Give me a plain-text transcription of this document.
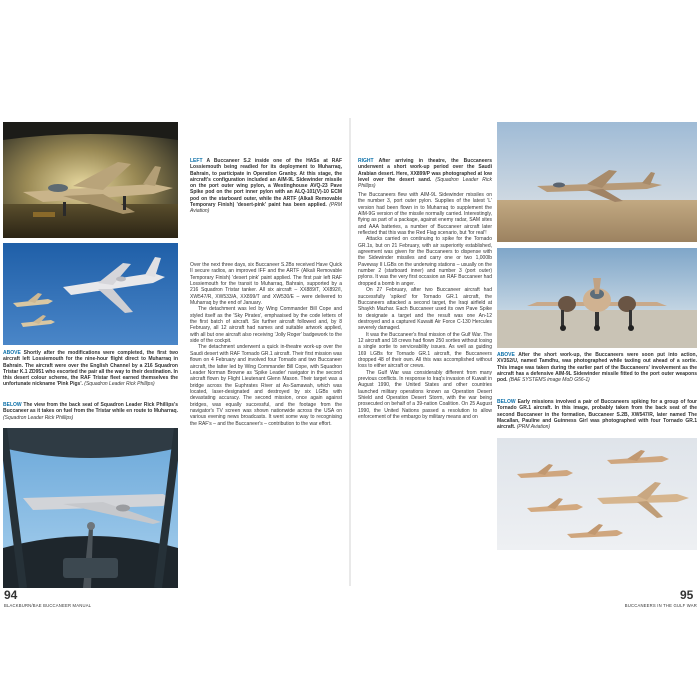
ABOVE Shortly after the modifications were completed, the first two aircraft left Lossiemouth for the nine-hour flight direct to Muharraq in Bahrain. The aircraft were over the English Channel by a 216 Squadron Tristar K.1 ZD951 who escorted the pair all the way to their destination. In this desert colour scheme, the RAF Tristar fleet earned themselves the unfortunate nickname 'Pink Pigs'. (Squadron Leader Rick Phillips)
BELOW The view from the back seat of Squadron Leader Rick Phillips's Buccaneer as it takes on fuel from the Tristar while en route to Muharraq. (Squadron Leader Rick Phillips)
LEFT A Buccaneer S.2 inside one of the HASs at RAF Lossiemouth being readied for its deployment to Muharraq, Bahrain, to participate in Operation Granby. At this stage, the aircraft's configuration included an AIM-9L Sidewinder missile on the port outer wing pylon, a Westinghouse AVQ-23 Pave Spike pod on the port inner pylon with an ALQ-101(V)-10 ECM pod on the starboard outer, while the ARTF (Alkali Removable Temporary Finish) 'desert-pink' paint has been applied. (PRM Aviation)

Over the next three days, six Buccaneer S.2Bs received Have Quick II secure radios, an improved IFF and the ARTF (Alkali Removable Temporary Finish) 'desert pink' paint applied. The first pair left RAF Lossiemouth for the transit to Muharraq, Bahrain, supported by a 216 Squadron Tristar tanker. All six aircraft – XX889/T, XX892/I, XW547/R, XW533/A, XX899/T and XW530/E – were delivered to Muharraq by the end of January.

The detachment was led by Wing Commander Bill Cope and styled itself as the 'Sky Pirates', emphasised by the code letters of the first batch of aircraft. Six further aircraft followed and, by 8 February, all 12 aircraft had names and suitable artwork applied, with all but one aircraft also receiving 'Jolly Roger' badgework to the side of the cockpit.

The detachment underwent a quick in-theatre work-up over the Saudi desert with RAF Tornado GR.1 aircraft. Their first mission was flown on 4 February and involved four Tornado and two Buccaneer aircraft, the latter led by Wing Commander Bill Cope, with Squadron Leader Norman Browne as 'Spike Leader' navigator in the second aircraft flown by Flight Lieutenant Glenn Mason. Their target was a bridge across the Euphrates River at As-Samawah, which was located, laser-designated and destroyed by six LGBs with devastating accuracy. The second mission, once again against bridges, was equally successful, and the footage from the navigator's TV screen was shown nationwide across the USA on various evening news broadcasts. It went some way to recognising the RAF's – and the Buccaneer's – contribution to the war effort.

94
BLACKBURN/BAE BUCCANEER MANUAL
RIGHT After arriving in theatre, the Buccaneers underwent a short work-up period over the Saudi Arabian desert. Here, XX899/P was photographed at low level over the desert sand. (Squadron Leader Rick Phillips)

The Buccaneers flew with AIM-9L Sidewinder missiles on the number 3, port outer pylon. Supplies of the latest 'L' version had been flown in to Muharraq to supplement the AIM-9G version of the missile normally carried. Interestingly, flying as part of a package, against enemy radar, SAM sites and AAA batteries, a number of Buccaneer aircraft later reflected that this was the Red Flag scenario, but 'for real'!

Attacks carried on continuing to spike for the Tornado GR.1s, but on 21 February, with air superiority established, agreement was given for the Buccaneers to dispense with the Sidewinder missiles and carry one or two 1,000lb Paveway II LGBs on the underwing stations – usually on the number 2 (starboard inner) and number 3 (port outer) pylons. It was the very first occasion an RAF Buccaneer had dropped a bomb in anger.

On 27 February, after two Buccaneer aircraft had successfully 'spiked' for Tornado GR.1 aircraft, the Buccaneers attacked a second target, the Iraqi airfield at Shaykh Mazhar. Each Buccaneer used its own Pave Spike to designate a target and the result was one An-12 destroyed and a captured Kuwaiti Air Force C-130 Hercules severely damaged.

It was the Buccaneer's final mission of the Gulf War. The 12 aircraft and 18 crews had flown 250 sorties without losing a single sortie to serviceability issues. As well as guiding 169 LGBs for Tornado GR.1 aircraft, the Buccaneers dropped 48 of their own. All this was accomplished without loss to either aircraft or crews.

The Gulf War was considerably different from many previous conflicts. In response to Iraq's invasion of Kuwait in August 1990, the United States and other countries launched military operations known as Operation Desert Shield and Operation Desert Storm, with the war being prosecuted on behalf of a 39-nation Coalition. On 25 August 1990, the United Nations passed a resolution to allow enforcement of the embargo by military means and on

ABOVE After the short work-up, the Buccaneers were soon put into action, XV352/U, named Tamdhu, was photographed while taxiing out ahead of a sortie. This image was taken during the earlier part of the Buccaneers' involvement as the aircraft has a defensive AIM-9L Sidewinder missile fitted to the port outer weapons pod. (BAE SYSTEMS image MoD G56-1)
BELOW Early missions involved a pair of Buccaneers spiking for a group of four Tornado GR.1 aircraft. In this image, probably taken from the back seat of the second Buccaneer in the formation, Buccaneer S.2B, XW547/R, later named The Macallan, Pauline and Guinness Girl was photographed with four Tornado GR.1 aircraft. (PRM Aviation)
95
BUCCANEERS IN THE GULF WAR
